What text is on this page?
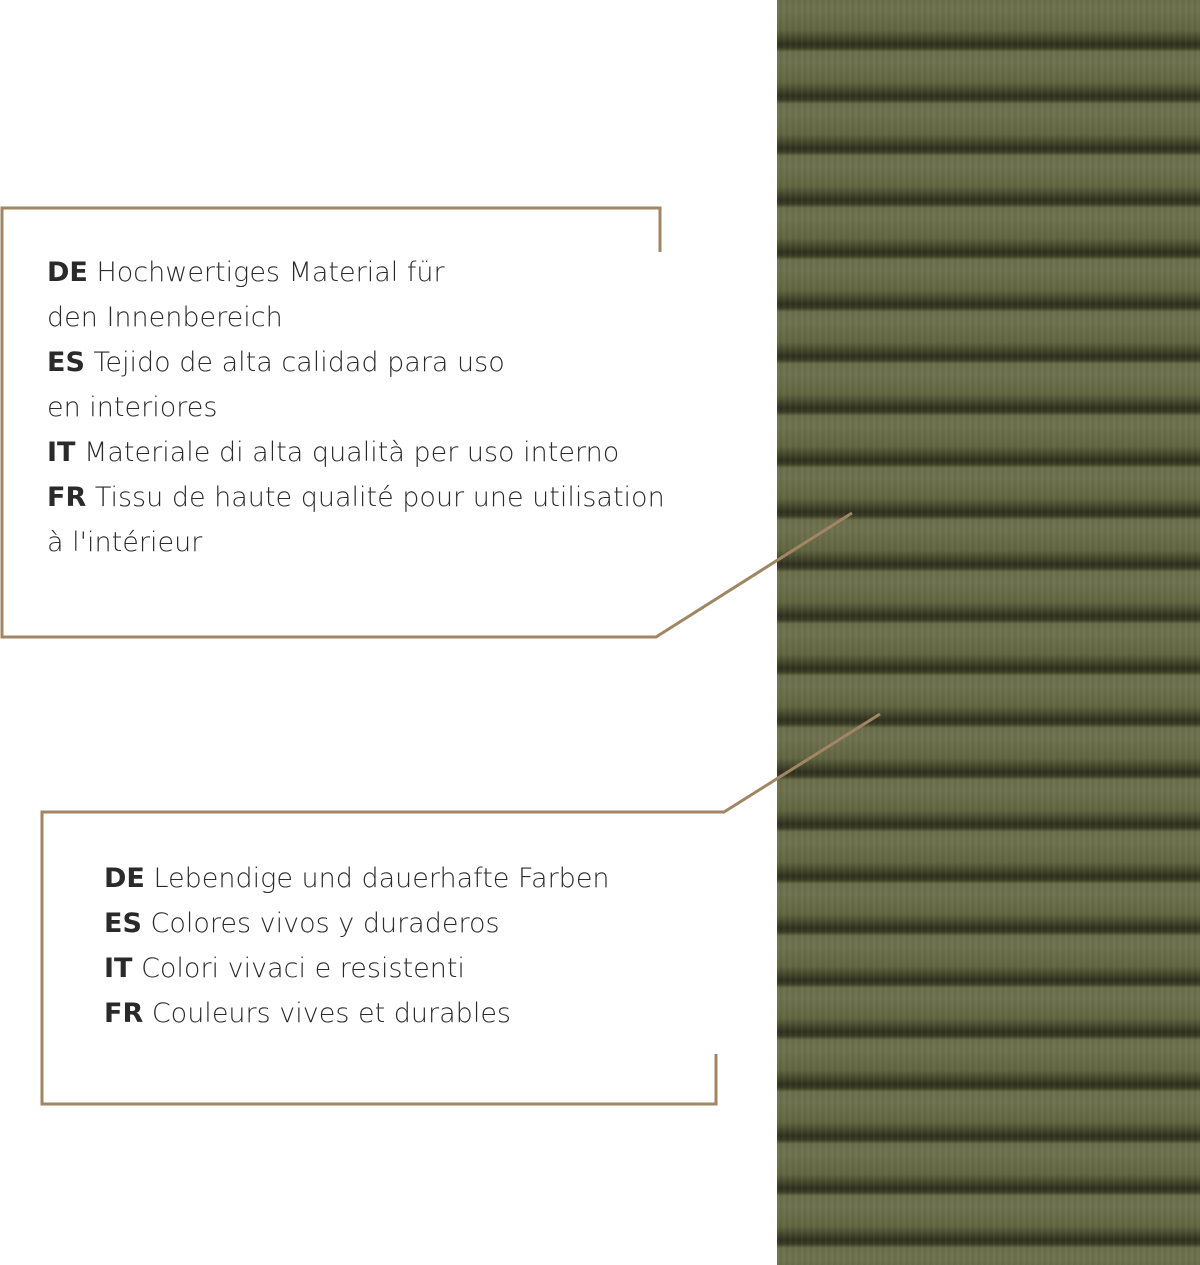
DE Hochwertiges Material für
den Innenbereich
ES Tejido de alta calidad para uso
en interiores
IT Materiale di alta qualità per uso interno
FR Tissu de haute qualité pour une utilisation
à l'intérieur
DE Lebendige und dauerhafte Farben
ES Colores vivos y duraderos
IT Colori vivaci e resistenti
FR Couleurs vives et durables
